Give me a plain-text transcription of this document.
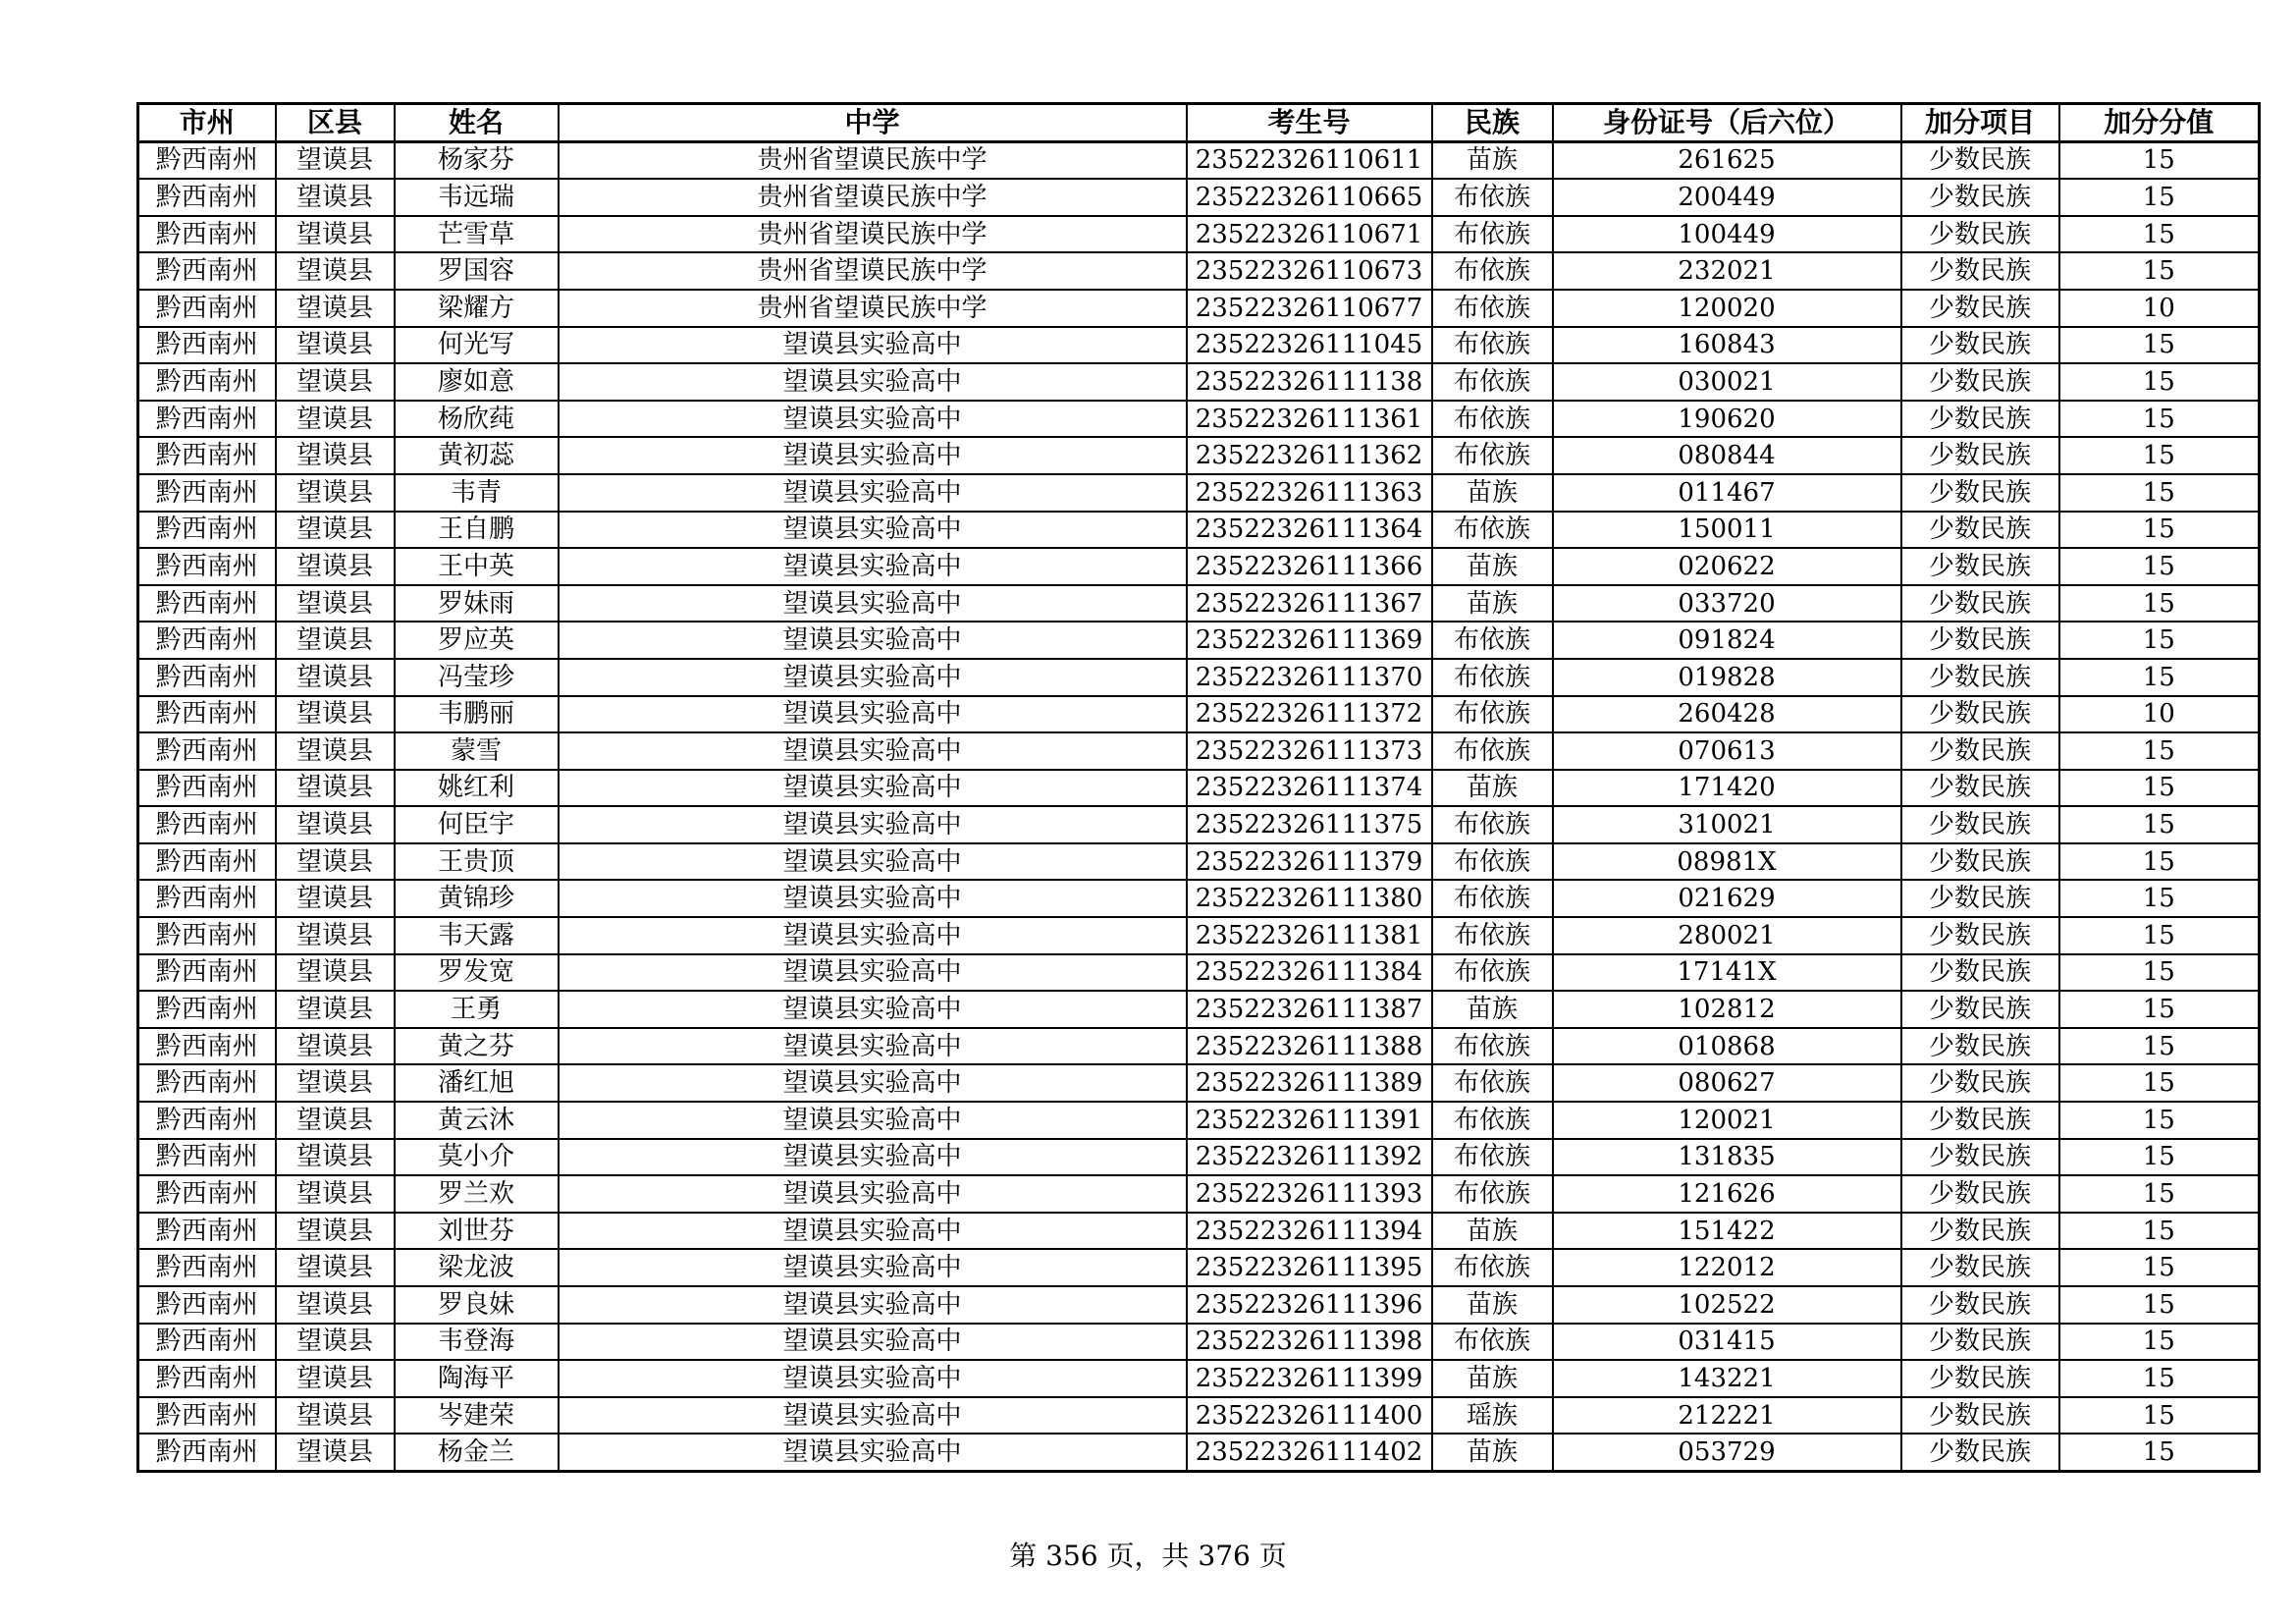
市州	区县	姓名	中学	考生号	民族	身份证号（后六位）	加分项目	加分分值
黔西南州	望谟县	杨家芬	贵州省望谟民族中学	23522326110611	苗族	261625	少数民族	15
黔西南州	望谟县	韦远瑞	贵州省望谟民族中学	23522326110665	布依族	200449	少数民族	15
黔西南州	望谟县	芒雪草	贵州省望谟民族中学	23522326110671	布依族	100449	少数民族	15
黔西南州	望谟县	罗国容	贵州省望谟民族中学	23522326110673	布依族	232021	少数民族	15
黔西南州	望谟县	梁耀方	贵州省望谟民族中学	23522326110677	布依族	120020	少数民族	10
黔西南州	望谟县	何光写	望谟县实验高中	23522326111045	布依族	160843	少数民族	15
黔西南州	望谟县	廖如意	望谟县实验高中	23522326111138	布依族	030021	少数民族	15
黔西南州	望谟县	杨欣莼	望谟县实验高中	23522326111361	布依族	190620	少数民族	15
黔西南州	望谟县	黄初蕊	望谟县实验高中	23522326111362	布依族	080844	少数民族	15
黔西南州	望谟县	韦青	望谟县实验高中	23522326111363	苗族	011467	少数民族	15
黔西南州	望谟县	王自鹏	望谟县实验高中	23522326111364	布依族	150011	少数民族	15
黔西南州	望谟县	王中英	望谟县实验高中	23522326111366	苗族	020622	少数民族	15
黔西南州	望谟县	罗妹雨	望谟县实验高中	23522326111367	苗族	033720	少数民族	15
黔西南州	望谟县	罗应英	望谟县实验高中	23522326111369	布依族	091824	少数民族	15
黔西南州	望谟县	冯莹珍	望谟县实验高中	23522326111370	布依族	019828	少数民族	15
黔西南州	望谟县	韦鹏丽	望谟县实验高中	23522326111372	布依族	260428	少数民族	10
黔西南州	望谟县	蒙雪	望谟县实验高中	23522326111373	布依族	070613	少数民族	15
黔西南州	望谟县	姚红利	望谟县实验高中	23522326111374	苗族	171420	少数民族	15
黔西南州	望谟县	何臣宇	望谟县实验高中	23522326111375	布依族	310021	少数民族	15
黔西南州	望谟县	王贵顶	望谟县实验高中	23522326111379	布依族	08981X	少数民族	15
黔西南州	望谟县	黄锦珍	望谟县实验高中	23522326111380	布依族	021629	少数民族	15
黔西南州	望谟县	韦天露	望谟县实验高中	23522326111381	布依族	280021	少数民族	15
黔西南州	望谟县	罗发宽	望谟县实验高中	23522326111384	布依族	17141X	少数民族	15
黔西南州	望谟县	王勇	望谟县实验高中	23522326111387	苗族	102812	少数民族	15
黔西南州	望谟县	黄之芬	望谟县实验高中	23522326111388	布依族	010868	少数民族	15
黔西南州	望谟县	潘红旭	望谟县实验高中	23522326111389	布依族	080627	少数民族	15
黔西南州	望谟县	黄云沐	望谟县实验高中	23522326111391	布依族	120021	少数民族	15
黔西南州	望谟县	莫小介	望谟县实验高中	23522326111392	布依族	131835	少数民族	15
黔西南州	望谟县	罗兰欢	望谟县实验高中	23522326111393	布依族	121626	少数民族	15
黔西南州	望谟县	刘世芬	望谟县实验高中	23522326111394	苗族	151422	少数民族	15
黔西南州	望谟县	梁龙波	望谟县实验高中	23522326111395	布依族	122012	少数民族	15
黔西南州	望谟县	罗良妹	望谟县实验高中	23522326111396	苗族	102522	少数民族	15
黔西南州	望谟县	韦登海	望谟县实验高中	23522326111398	布依族	031415	少数民族	15
黔西南州	望谟县	陶海平	望谟县实验高中	23522326111399	苗族	143221	少数民族	15
黔西南州	望谟县	岑建荣	望谟县实验高中	23522326111400	瑶族	212221	少数民族	15
黔西南州	望谟县	杨金兰	望谟县实验高中	23522326111402	苗族	053729	少数民族	15
第 356 页，共 376 页
